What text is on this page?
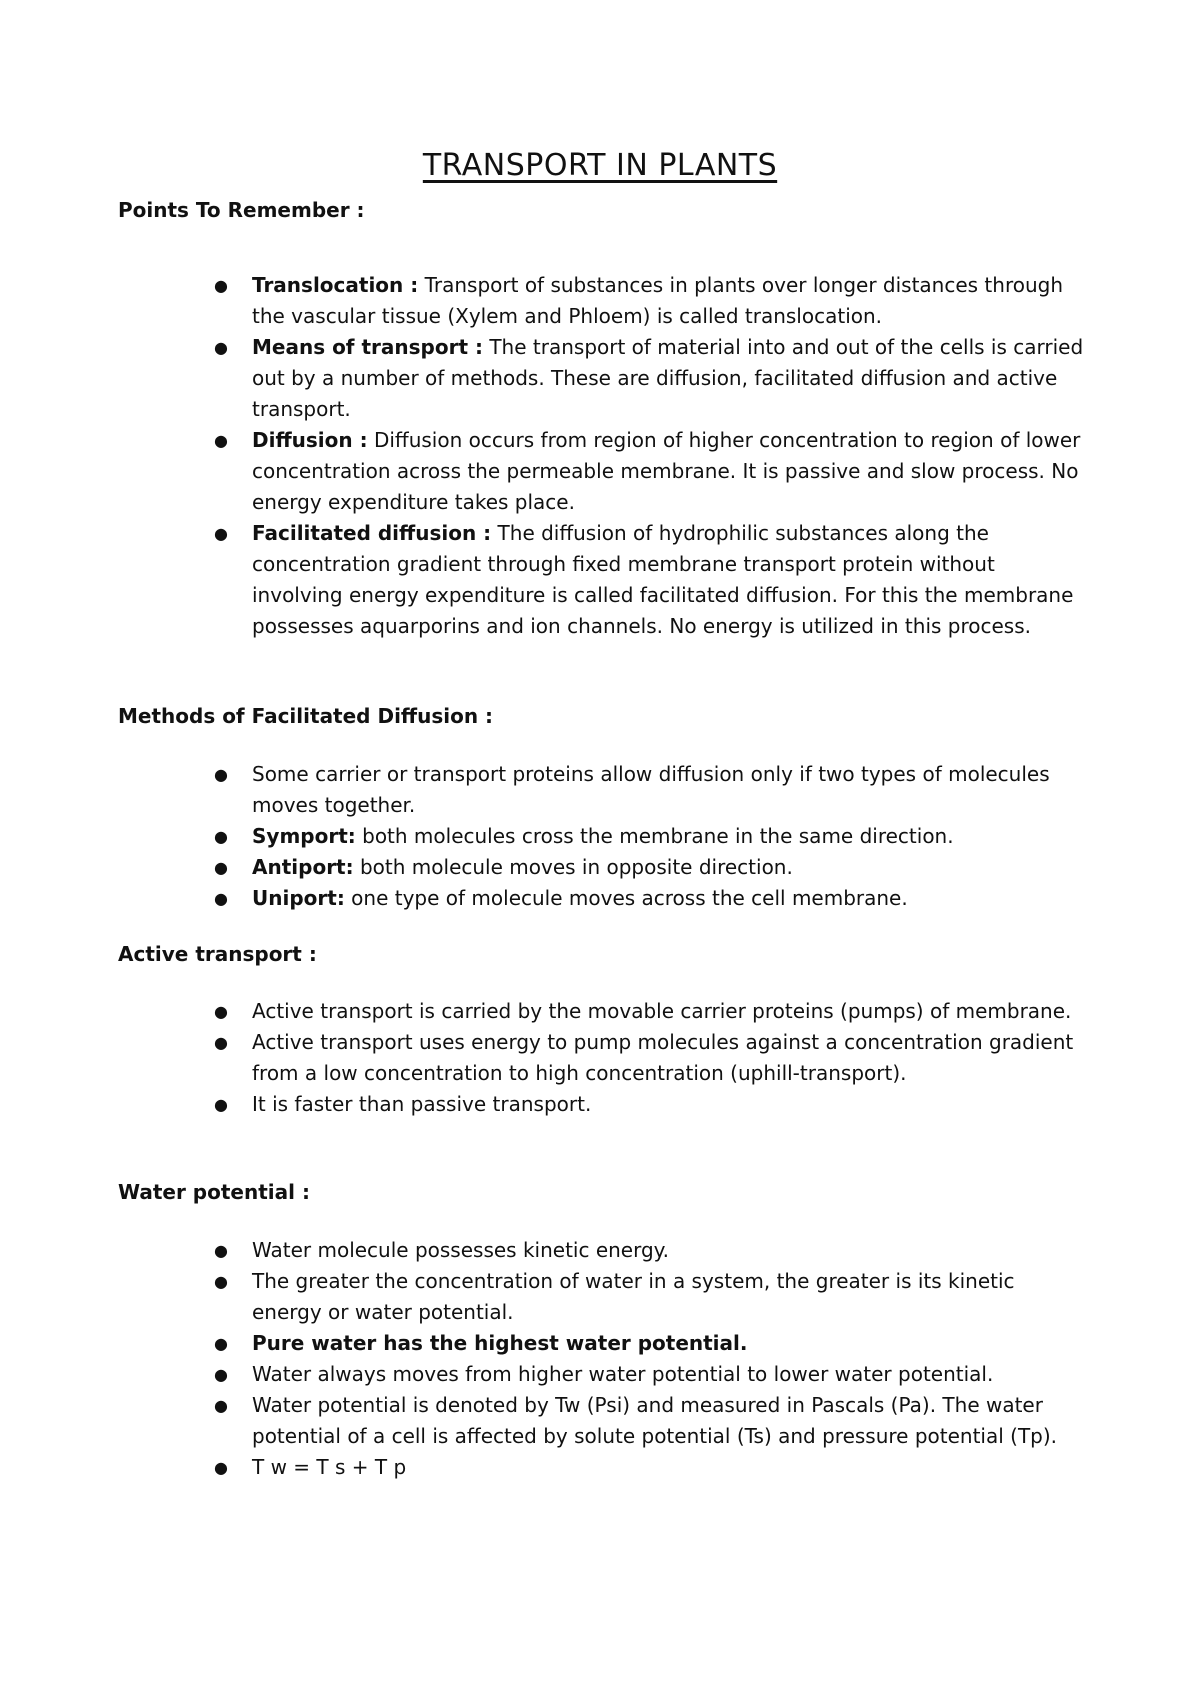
TRANSPORT IN PLANTS
Points To Remember :
● Translocation : Transport of substances in plants over longer distances through the vascular tissue (Xylem and Phloem) is called translocation.
● Means of transport : The transport of material into and out of the cells is carried out by a number of methods. These are diffusion, facilitated diffusion and active transport.
● Diffusion : Diffusion occurs from region of higher concentration to region of lower concentration across the permeable membrane. It is passive and slow process. No energy expenditure takes place.
● Facilitated diffusion : The diffusion of hydrophilic substances along the concentration gradient through fixed membrane transport protein without involving energy expenditure is called facilitated diffusion. For this the membrane possesses aquarporins and ion channels. No energy is utilized in this process.
Methods of Facilitated Diffusion :
● Some carrier or transport proteins allow diffusion only if two types of molecules moves together.
● Symport: both molecules cross the membrane in the same direction.
● Antiport: both molecule moves in opposite direction.
● Uniport: one type of molecule moves across the cell membrane.
Active transport :
● Active transport is carried by the movable carrier proteins (pumps) of membrane.
● Active transport uses energy to pump molecules against a concentration gradient from a low concentration to high concentration (uphill-transport).
● It is faster than passive transport.
Water potential :
● Water molecule possesses kinetic energy.
● The greater the concentration of water in a system, the greater is its kinetic energy or water potential.
● Pure water has the highest water potential.
● Water always moves from higher water potential to lower water potential.
● Water potential is denoted by Tw (Psi) and measured in Pascals (Pa). The water potential of a cell is affected by solute potential (Ts) and pressure potential (Tp).
● T w = T s + T p
